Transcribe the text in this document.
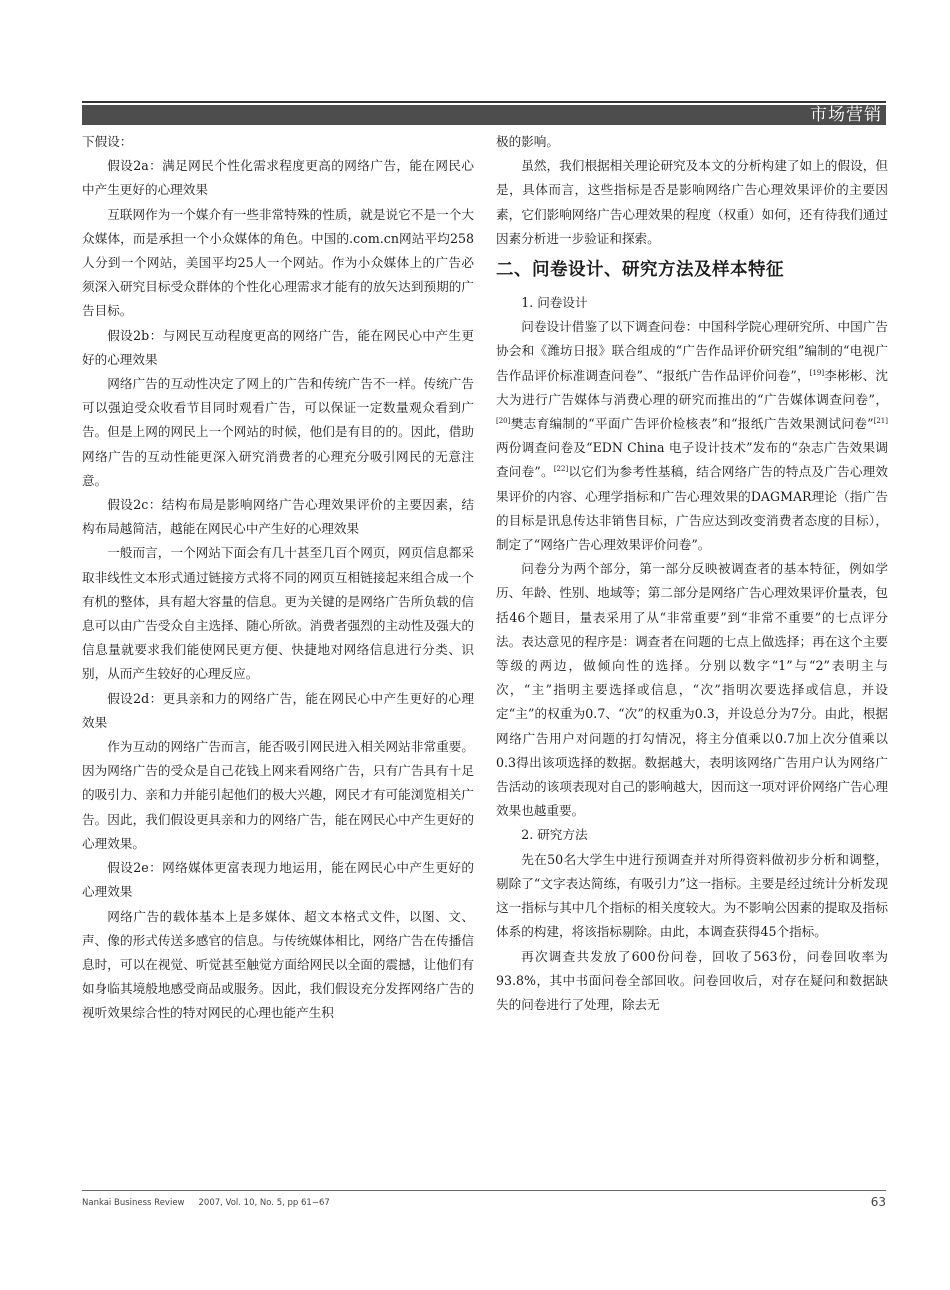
市场营销

下假设：

假设2a：满足网民个性化需求程度更高的网络广告，能在网民心中产生更好的心理效果

互联网作为一个媒介有一些非常特殊的性质，就是说它不是一个大众媒体，而是承担一个小众媒体的角色。中国的.com.cn网站平均258人分到一个网站，美国平均25人一个网站。作为小众媒体上的广告必须深入研究目标受众群体的个性化心理需求才能有的放矢达到预期的广告目标。

假设2b：与网民互动程度更高的网络广告，能在网民心中产生更好的心理效果

网络广告的互动性决定了网上的广告和传统广告不一样。传统广告可以强迫受众收看节目同时观看广告，可以保证一定数量观众看到广告。但是上网的网民上一个网站的时候，他们是有目的的。因此，借助网络广告的互动性能更深入研究消费者的心理充分吸引网民的无意注意。

假设2c：结构布局是影响网络广告心理效果评价的主要因素，结构布局越简洁，越能在网民心中产生好的心理效果

一般而言，一个网站下面会有几十甚至几百个网页，网页信息都采取非线性文本形式通过链接方式将不同的网页互相链接起来组合成一个有机的整体，具有超大容量的信息。更为关键的是网络广告所负载的信息可以由广告受众自主选择、随心所欲。消费者强烈的主动性及强大的信息量就要求我们能使网民更方便、快捷地对网络信息进行分类、识别，从而产生较好的心理反应。

假设2d：更具亲和力的网络广告，能在网民心中产生更好的心理效果

作为互动的网络广告而言，能否吸引网民进入相关网站非常重要。因为网络广告的受众是自己花钱上网来看网络广告，只有广告具有十足的吸引力、亲和力并能引起他们的极大兴趣，网民才有可能浏览相关广告。因此，我们假设更具亲和力的网络广告，能在网民心中产生更好的心理效果。

假设2e：网络媒体更富表现力地运用，能在网民心中产生更好的心理效果

网络广告的载体基本上是多媒体、超文本格式文件，以图、文、声、像的形式传送多感官的信息。与传统媒体相比，网络广告在传播信息时，可以在视觉、听觉甚至触觉方面给网民以全面的震撼，让他们有如身临其境般地感受商品或服务。因此，我们假设充分发挥网络广告的视听效果综合性的特对网民的心理也能产生积

极的影响。

虽然，我们根据相关理论研究及本文的分析构建了如上的假设，但是，具体而言，这些指标是否是影响网络广告心理效果评价的主要因素，它们影响网络广告心理效果的程度（权重）如何，还有待我们通过因素分析进一步验证和探索。

二、问卷设计、研究方法及样本特征

1. 问卷设计

问卷设计借鉴了以下调查问卷：中国科学院心理研究所、中国广告协会和《潍坊日报》联合组成的“广告作品评价研究组”编制的“电视广告作品评价标准调查问卷”、“报纸广告作品评价问卷”，[19]李彬彬、沈大为进行广告媒体与消费心理的研究而推出的“广告媒体调查问卷”，[20]樊志育编制的“平面广告评价检核表”和“报纸广告效果测试问卷”[21]两份调查问卷及“EDN China 电子设计技术”发布的“杂志广告效果调查问卷”。[22]以它们为参考性基稿，结合网络广告的特点及广告心理效果评价的内容、心理学指标和广告心理效果的DAGMAR理论（指广告的目标是讯息传达非销售目标，广告应达到改变消费者态度的目标），制定了“网络广告心理效果评价问卷”。

问卷分为两个部分，第一部分反映被调查者的基本特征，例如学历、年龄、性别、地域等；第二部分是网络广告心理效果评价量表，包括46个题目，量表采用了从“非常重要”到“非常不重要”的七点评分法。表达意见的程序是：调查者在问题的七点上做选择；再在这个主要等级的两边，做倾向性的选择。分别以数字“1”与“2”表明主与次，“主”指明主要选择或信息，“次”指明次要选择或信息，并设定“主”的权重为0.7、“次”的权重为0.3，并设总分为7分。由此，根据网络广告用户对问题的打勾情况，将主分值乘以0.7加上次分值乘以0.3得出该项选择的数据。数据越大，表明该网络广告用户认为网络广告活动的该项表现对自己的影响越大，因而这一项对评价网络广告心理效果也越重要。

2. 研究方法

先在50名大学生中进行预调查并对所得资料做初步分析和调整，剔除了“文字表达简练，有吸引力”这一指标。主要是经过统计分析发现这一指标与其中几个指标的相关度较大。为不影响公因素的提取及指标体系的构建，将该指标剔除。由此，本调查获得45个指标。

再次调查共发放了600份问卷，回收了563份，问卷回收率为93.8%，其中书面问卷全部回收。问卷回收后，对存在疑问和数据缺失的问卷进行了处理，除去无

Nankai Business Review 2007, Vol. 10, No. 5, pp 61−67	63
